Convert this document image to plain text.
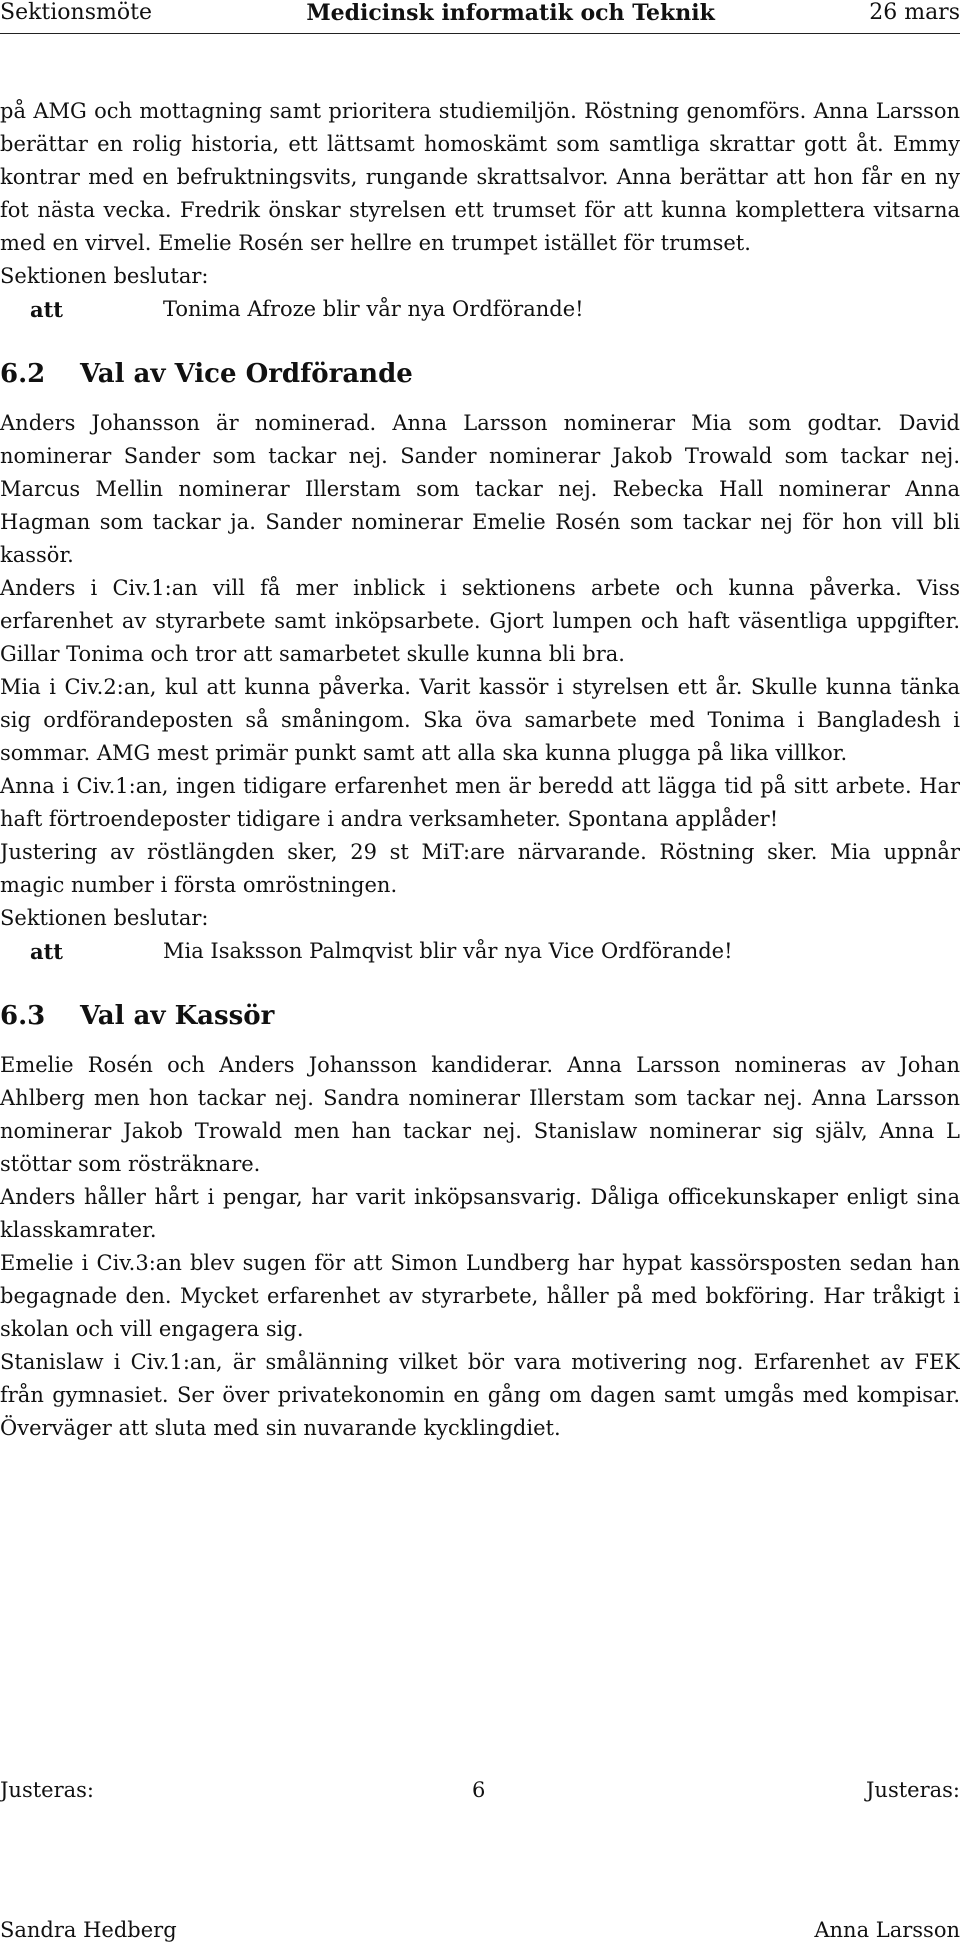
Sektionsmöte	Medicinsk informatik och Teknik	26 mars

på AMG och mottagning samt prioritera studiemiljön. Röstning genomförs. Anna Larsson berättar en rolig historia, ett lättsamt homoskämt som samtliga skrattar gott åt. Emmy kontrar med en befruktningsvits, rungande skrattsalvor. Anna berättar att hon får en ny fot nästa vecka. Fredrik önskar styrelsen ett trumset för att kunna komplettera vitsarna med en virvel. Emelie Rosén ser hellre en trumpet istället för trumset.

Sektionen beslutar:

att	Tonima Afroze blir vår nya Ordförande!
6.2 Val av Vice Ordförande

Anders Johansson är nominerad. Anna Larsson nominerar Mia som godtar. David nominerar Sander som tackar nej. Sander nominerar Jakob Trowald som tackar nej. Marcus Mellin nominerar Illerstam som tackar nej. Rebecka Hall nominerar Anna Hagman som tackar ja. Sander nominerar Emelie Rosén som tackar nej för hon vill bli kassör.

Anders i Civ.1:an vill få mer inblick i sektionens arbete och kunna påverka. Viss erfarenhet av styrarbete samt inköpsarbete. Gjort lumpen och haft väsentliga uppgifter. Gillar Tonima och tror att samarbetet skulle kunna bli bra.

Mia i Civ.2:an, kul att kunna påverka. Varit kassör i styrelsen ett år. Skulle kunna tänka sig ordförandeposten så småningom. Ska öva samarbete med Tonima i Bangladesh i sommar. AMG mest primär punkt samt att alla ska kunna plugga på lika villkor.

Anna i Civ.1:an, ingen tidigare erfarenhet men är beredd att lägga tid på sitt arbete. Har haft förtroendeposter tidigare i andra verksamheter. Spontana applåder!

Justering av röstlängden sker, 29 st MiT:are närvarande. Röstning sker. Mia uppnår magic number i första omröstningen.

Sektionen beslutar:

att	Mia Isaksson Palmqvist blir vår nya Vice Ordförande!
6.3 Val av Kassör

Emelie Rosén och Anders Johansson kandiderar. Anna Larsson nomineras av Johan Ahlberg men hon tackar nej. Sandra nominerar Illerstam som tackar nej. Anna Larsson nominerar Jakob Trowald men han tackar nej. Stanislaw nominerar sig själv, Anna L stöttar som rösträknare.

Anders håller hårt i pengar, har varit inköpsansvarig. Dåliga officekunskaper enligt sina klasskamrater.

Emelie i Civ.3:an blev sugen för att Simon Lundberg har hypat kassörsposten sedan han begagnade den. Mycket erfarenhet av styrarbete, håller på med bokföring. Har tråkigt i skolan och vill engagera sig.

Stanislaw i Civ.1:an, är smålänning vilket bör vara motivering nog. Erfarenhet av FEK från gymnasiet. Ser över privatekonomin en gång om dagen samt umgås med kompisar. Överväger att sluta med sin nuvarande kycklingdiet.

Justeras:	6	Justeras:
Sandra Hedberg	Anna Larsson
